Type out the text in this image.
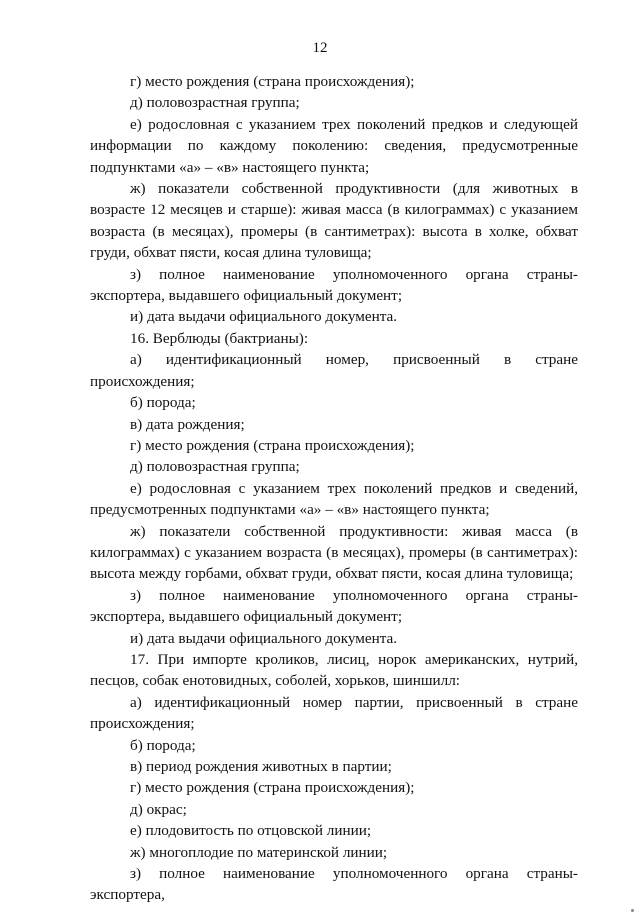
12

г) место рождения (страна происхождения);

д) половозрастная группа;

е) родословная с указанием трех поколений предков и следующей информации по каждому поколению: сведения, предусмотренные подпунктами «а» – «в» настоящего пункта;

ж) показатели собственной продуктивности (для животных в возрасте 12 месяцев и старше): живая масса (в килограммах) с указанием возраста (в месяцах), промеры (в сантиметрах): высота в холке, обхват груди, обхват пясти, косая длина туловища;

з) полное наименование уполномоченного органа страны-экспортера, выдавшего официальный документ;

и) дата выдачи официального документа.

16. Верблюды (бактрианы):

а) идентификационный номер, присвоенный в стране происхождения;

б) порода;

в) дата рождения;

г) место рождения (страна происхождения);

д) половозрастная группа;

е) родословная с указанием трех поколений предков и сведений, предусмотренных подпунктами «а» – «в» настоящего пункта;

ж) показатели собственной продуктивности: живая масса (в килограммах) с указанием возраста (в месяцах), промеры (в сантиметрах): высота между горбами, обхват груди, обхват пясти, косая длина туловища;

з) полное наименование уполномоченного органа страны-экспортера, выдавшего официальный документ;

и) дата выдачи официального документа.

17. При импорте кроликов, лисиц, норок американских, нутрий, песцов, собак енотовидных, соболей, хорьков, шиншилл:

а) идентификационный номер партии, присвоенный в стране происхождения;

б) порода;

в) период рождения животных в партии;

г) место рождения (страна происхождения);

д) окрас;

е) плодовитость по отцовской линии;

ж) многоплодие по материнской линии;

з) полное наименование уполномоченного органа страны-экспортера,
